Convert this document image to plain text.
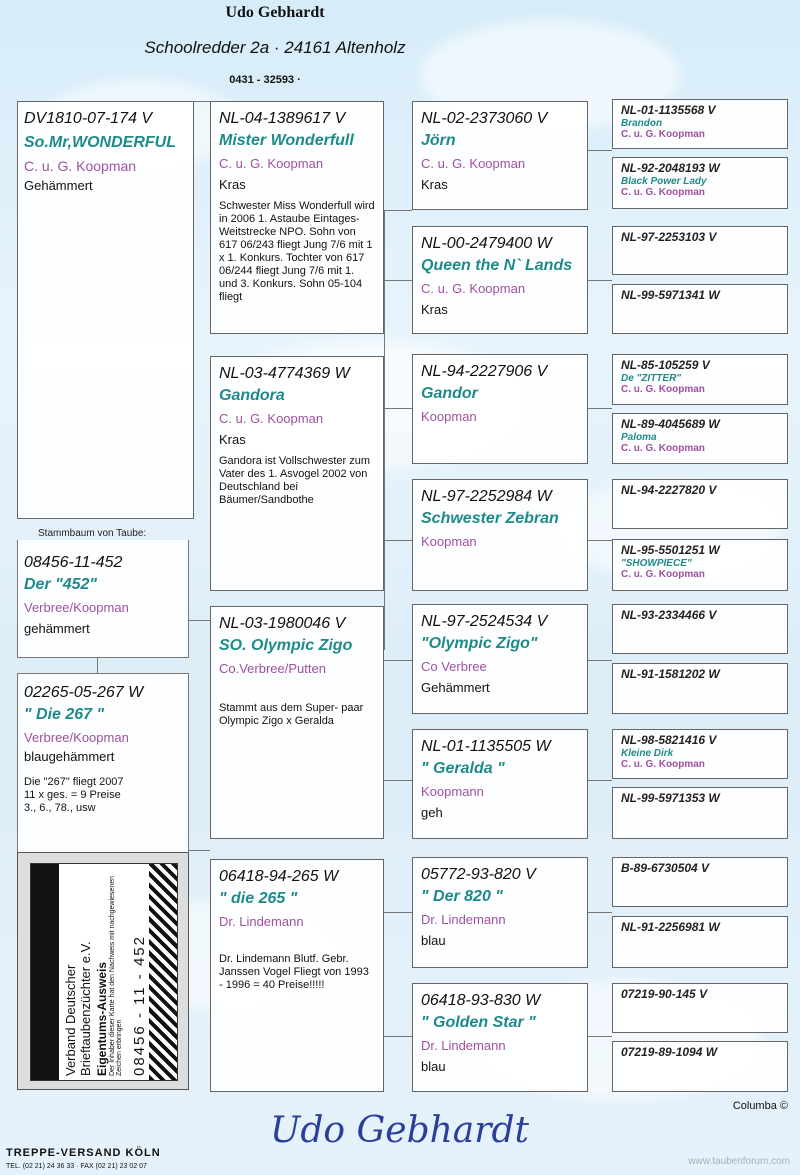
Udo Gebhardt
Schoolredder 2a · 24161 Altenholz
0431 - 32593 ·
DV1810-07-174 V
So.Mr,WONDERFUL
C. u. G. Koopman
Gehämmert
Stammbaum von Taube:
08456-11-452
Der "452"
Verbree/Koopman
gehämmert
02265-05-267 W
" Die 267 "
Verbree/Koopman
blaugehämmert
Die "267" fliegt 2007
11 x ges. = 9 Preise
3., 6., 78., usw
Verband Deutscher Brieftaubenzüchter e.V. Eigentums-Ausweis Der Inhaber dieser Karte hat den Nachweis mit nachgewiesenen Zeichen erbringen 08456 - 11 - 452
NL-04-1389617 V
Mister Wonderfull
C. u. G. Koopman
Kras
Schwester Miss Wonderfull wird in 2006 1. Astaube Eintages- Weitstrecke NPO. Sohn von 617 06/243 fliegt Jung 7/6 mit 1 x 1. Konkurs. Tochter von 617 06/244 fliegt Jung 7/6 mit 1. und 3. Konkurs. Sohn 05-104 fliegt
NL-03-4774369 W
Gandora
C. u. G. Koopman
Kras
Gandora ist Vollschwester zum Vater des 1. Asvogel 2002 von Deutschland bei Bäumer/Sandbothe
NL-03-1980046 V
SO. Olympic Zigo
Co.Verbree/Putten
Stammt aus dem Super- paar Olympic Zigo x Geralda
06418-94-265 W
" die 265 "
Dr. Lindemann
Dr. Lindemann Blutf. Gebr. Janssen Vogel Fliegt von 1993 - 1996 = 40 Preise!!!!!
NL-02-2373060 V
Jörn
C. u. G. Koopman
Kras
NL-00-2479400 W
Queen the N` Lands
C. u. G. Koopman
Kras
NL-94-2227906 V
Gandor
Koopman
NL-97-2252984 W
Schwester Zebran
Koopman
NL-97-2524534 V
"Olympic Zigo"
Co Verbree
Gehämmert
NL-01-1135505 W
" Geralda "
Koopmann
geh
05772-93-820 V
" Der 820 "
Dr. Lindemann
blau
06418-93-830 W
" Golden Star "
Dr. Lindemann
blau
NL-01-1135568 V
Brandon
C. u. G. Koopman
NL-92-2048193 W
Black Power Lady
C. u. G. Koopman
NL-97-2253103 V
NL-99-5971341 W
NL-85-105259 V
De "ZITTER"
C. u. G. Koopman
NL-89-4045689 W
Paloma
C. u. G. Koopman
NL-94-2227820 V
NL-95-5501251 W
"SHOWPIECE"
C. u. G. Koopman
NL-93-2334466 V
NL-91-1581202 W
NL-98-5821416 V
Kleine Dirk
C. u. G. Koopman
NL-99-5971353 W
B-89-6730504 V
NL-91-2256981 W
07219-90-145 V
07219-89-1094 W
Columba ©
Udo Gebhardt
TREPPE-VERSAND KÖLN
TEL. (02 21) 24 36 33 · FAX (02 21) 23 02 07	www.taubenforum.com
